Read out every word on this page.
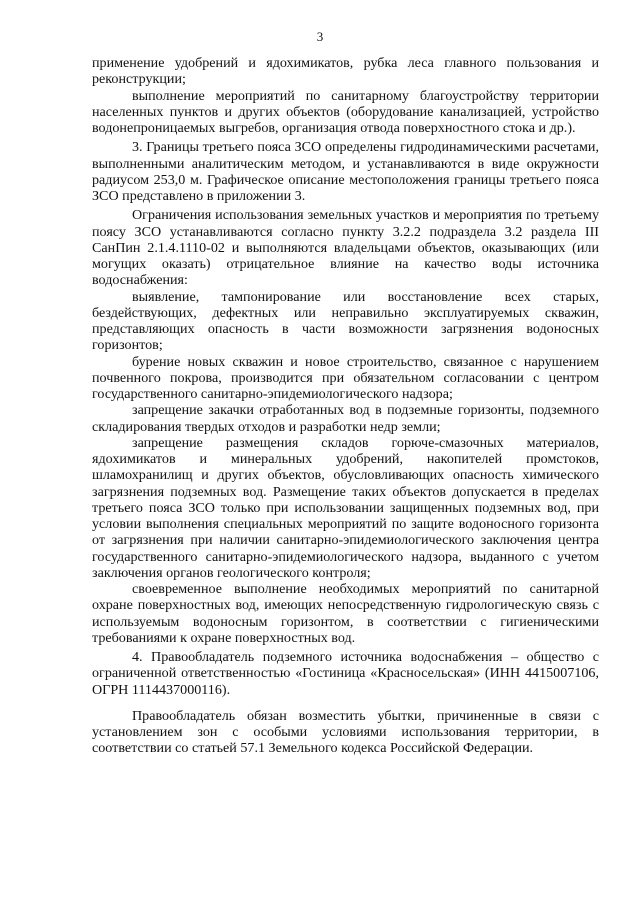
3

применение удобрений и ядохимикатов, рубка леса главного пользования и реконструкции;

выполнение мероприятий по санитарному благоустройству территории населенных пунктов и других объектов (оборудование канализацией, устройство водонепроницаемых выгребов, организация отвода поверхностного стока и др.).

3. Границы третьего пояса ЗСО определены гидродинамическими расчетами, выполненными аналитическим методом, и устанавливаются в виде окружности радиусом 253,0 м. Графическое описание местоположения границы третьего пояса ЗСО представлено в приложении 3.

Ограничения использования земельных участков и мероприятия по третьему поясу ЗСО устанавливаются согласно пункту 3.2.2 подраздела 3.2 раздела III СанПин 2.1.4.1110-02 и выполняются владельцами объектов, оказывающих (или могущих оказать) отрицательное влияние на качество воды источника водоснабжения:

выявление, тампонирование или восстановление всех старых, бездействующих, дефектных или неправильно эксплуатируемых скважин, представляющих опасность в части возможности загрязнения водоносных горизонтов;

бурение новых скважин и новое строительство, связанное с нарушением почвенного покрова, производится при обязательном согласовании с центром государственного санитарно-эпидемиологического надзора;

запрещение закачки отработанных вод в подземные горизонты, подземного складирования твердых отходов и разработки недр земли;

запрещение размещения складов горюче-смазочных материалов, ядохимикатов и минеральных удобрений, накопителей промстоков, шламохранилищ и других объектов, обусловливающих опасность химического загрязнения подземных вод. Размещение таких объектов допускается в пределах третьего пояса ЗСО только при использовании защищенных подземных вод, при условии выполнения специальных мероприятий по защите водоносного горизонта от загрязнения при наличии санитарно-эпидемиологического заключения центра государственного санитарно-эпидемиологического надзора, выданного с учетом заключения органов геологического контроля;

своевременное выполнение необходимых мероприятий по санитарной охране поверхностных вод, имеющих непосредственную гидрологическую связь с используемым водоносным горизонтом, в соответствии с гигиеническими требованиями к охране поверхностных вод.

4. Правообладатель подземного источника водоснабжения – общество с ограниченной ответственностью «Гостиница «Красносельская» (ИНН 4415007106, ОГРН 1114437000116).

Правообладатель обязан возместить убытки, причиненные в связи с установлением зон с особыми условиями использования территории, в соответствии со статьей 57.1 Земельного кодекса Российской Федерации.
